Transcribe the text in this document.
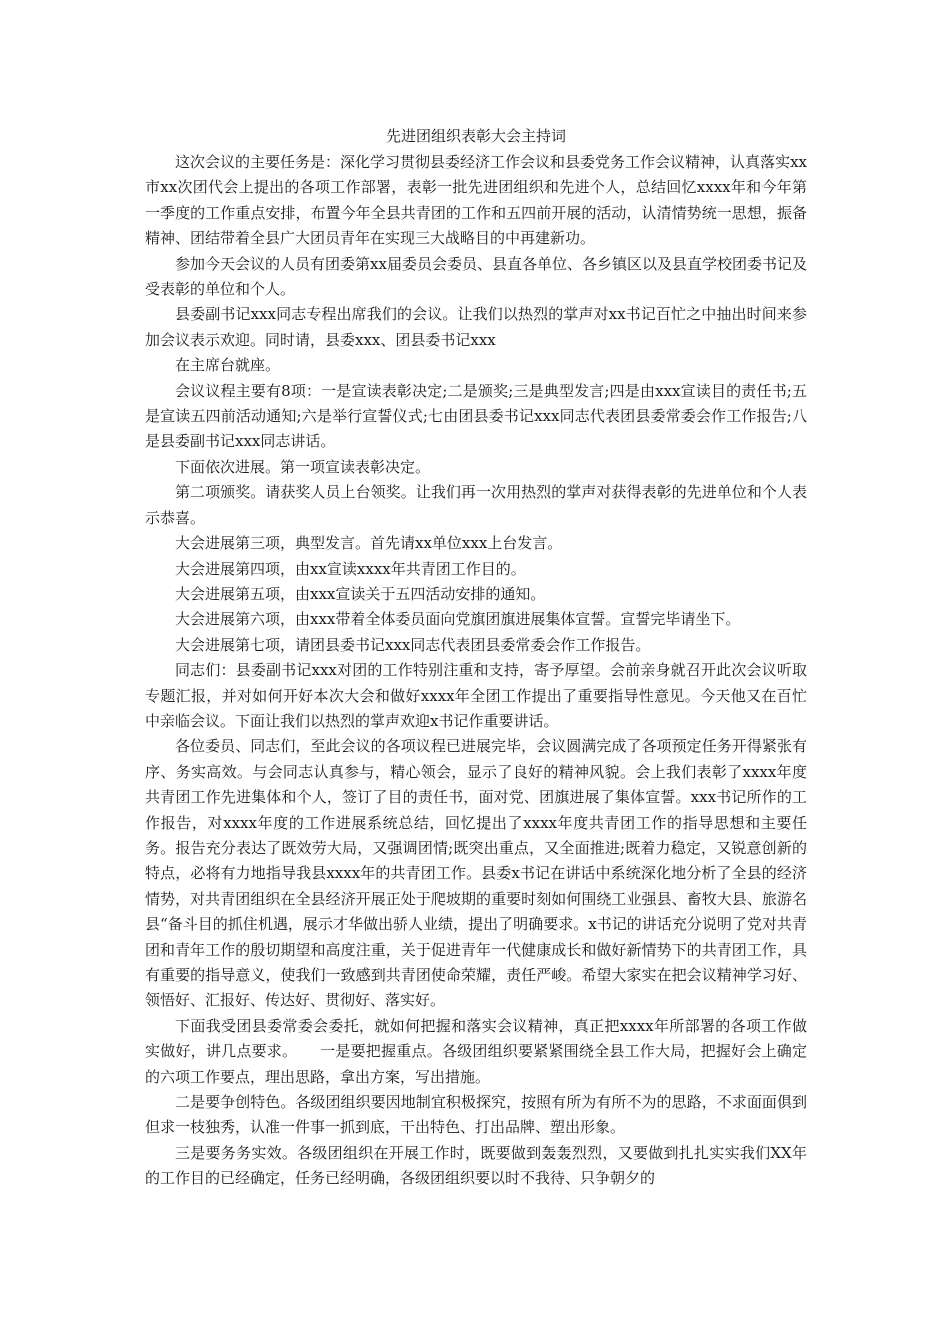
先进团组织表彰大会主持词

这次会议的主要任务是：深化学习贯彻县委经济工作会议和县委党务工作会议精神，认真落实xx市xx次团代会上提出的各项工作部署，表彰一批先进团组织和先进个人，总结回忆xxxx年和今年第一季度的工作重点安排，布置今年全县共青团的工作和五四前开展的活动，认清情势统一思想，振备精神、团结带着全县广大团员青年在实现三大战略目的中再建新功。

参加今天会议的人员有团委第xx届委员会委员、县直各单位、各乡镇区以及县直学校团委书记及受表彰的单位和个人。

县委副书记xxx同志专程出席我们的会议。让我们以热烈的掌声对xx书记百忙之中抽出时间来参加会议表示欢迎。同时请，县委xxx、团县委书记xxx

在主席台就座。

会议议程主要有8项：一是宣读表彰决定;二是颁奖;三是典型发言;四是由xxx宣读目的责任书;五是宣读五四前活动通知;六是举行宣誓仪式;七由团县委书记xxx同志代表团县委常委会作工作报告;八是县委副书记xxx同志讲话。

下面依次进展。第一项宣读表彰决定。

第二项颁奖。请获奖人员上台领奖。让我们再一次用热烈的掌声对获得表彰的先进单位和个人表示恭喜。

大会进展第三项，典型发言。首先请xx单位xxx上台发言。

大会进展第四项，由xx宣读xxxx年共青团工作目的。

大会进展第五项，由xxx宣读关于五四活动安排的通知。

大会进展第六项，由xxx带着全体委员面向党旗团旗进展集体宣誓。宣誓完毕请坐下。

大会进展第七项，请团县委书记xxx同志代表团县委常委会作工作报告。

同志们：县委副书记xxx对团的工作特别注重和支持，寄予厚望。会前亲身就召开此次会议听取专题汇报，并对如何开好本次大会和做好xxxx年全团工作提出了重要指导性意见。今天他又在百忙中亲临会议。下面让我们以热烈的掌声欢迎x书记作重要讲话。

各位委员、同志们，至此会议的各项议程已进展完毕，会议圆满完成了各项预定任务开得紧张有序、务实高效。与会同志认真参与，精心领会，显示了良好的精神风貌。会上我们表彰了xxxx年度共青团工作先进集体和个人，签订了目的责任书，面对党、团旗进展了集体宣誓。xxx书记所作的工作报告，对xxxx年度的工作进展系统总结，回忆提出了xxxx年度共青团工作的指导思想和主要任务。报告充分表达了既效劳大局，又强调团情;既突出重点，又全面推进;既着力稳定，又锐意创新的特点，必将有力地指导我县xxxx年的共青团工作。县委x书记在讲话中系统深化地分析了全县的经济情势，对共青团组织在全县经济开展正处于爬坡期的重要时刻如何围绕工业强县、畜牧大县、旅游名县“备斗目的抓住机遇，展示才华做出骄人业绩，提出了明确要求。x书记的讲话充分说明了党对共青团和青年工作的殷切期望和高度注重，关于促进青年一代健康成长和做好新情势下的共青团工作，具有重要的指导意义，使我们一致感到共青团使命荣耀，责任严峻。希望大家实在把会议精神学习好、领悟好、汇报好、传达好、贯彻好、落实好。

下面我受团县委常委会委托，就如何把握和落实会议精神，真正把xxxx年所部署的各项工作做实做好，讲几点要求。　　一是要把握重点。各级团组织要紧紧围绕全县工作大局，把握好会上确定的六项工作要点，理出思路，拿出方案，写出措施。

二是要争创特色。各级团组织要因地制宜积极探究，按照有所为有所不为的思路，不求面面俱到但求一枝独秀，认准一件事一抓到底，干出特色、打出品牌、塑出形象。

三是要务务实效。各级团组织在开展工作时，既要做到轰轰烈烈，又要做到扎扎实实我们XX年的工作目的已经确定，任务已经明确，各级团组织要以时不我待、只争朝夕的
